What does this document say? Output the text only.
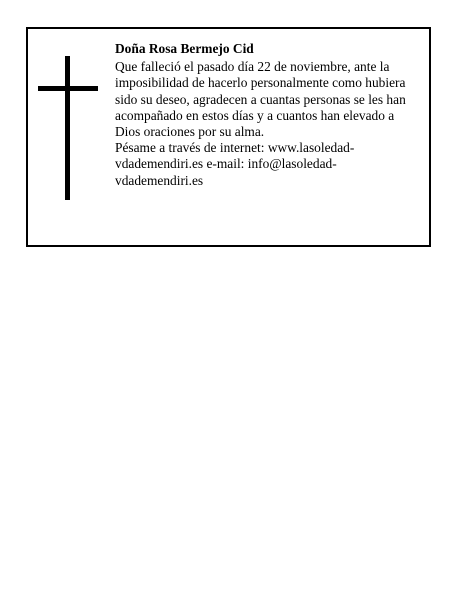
Doña Rosa Bermejo Cid

Que falleció el pasado día 22 de noviembre, ante la imposibilidad de hacerlo personalmente como hubiera sido su deseo, agradecen a cuantas personas se les han acompañado en estos días y a cuantos han elevado a Dios oraciones por su alma.

Pésame a través de internet: www.lasoledad-
vdademendiri.es e-mail: info@lasoledad-
vdademendiri.es
